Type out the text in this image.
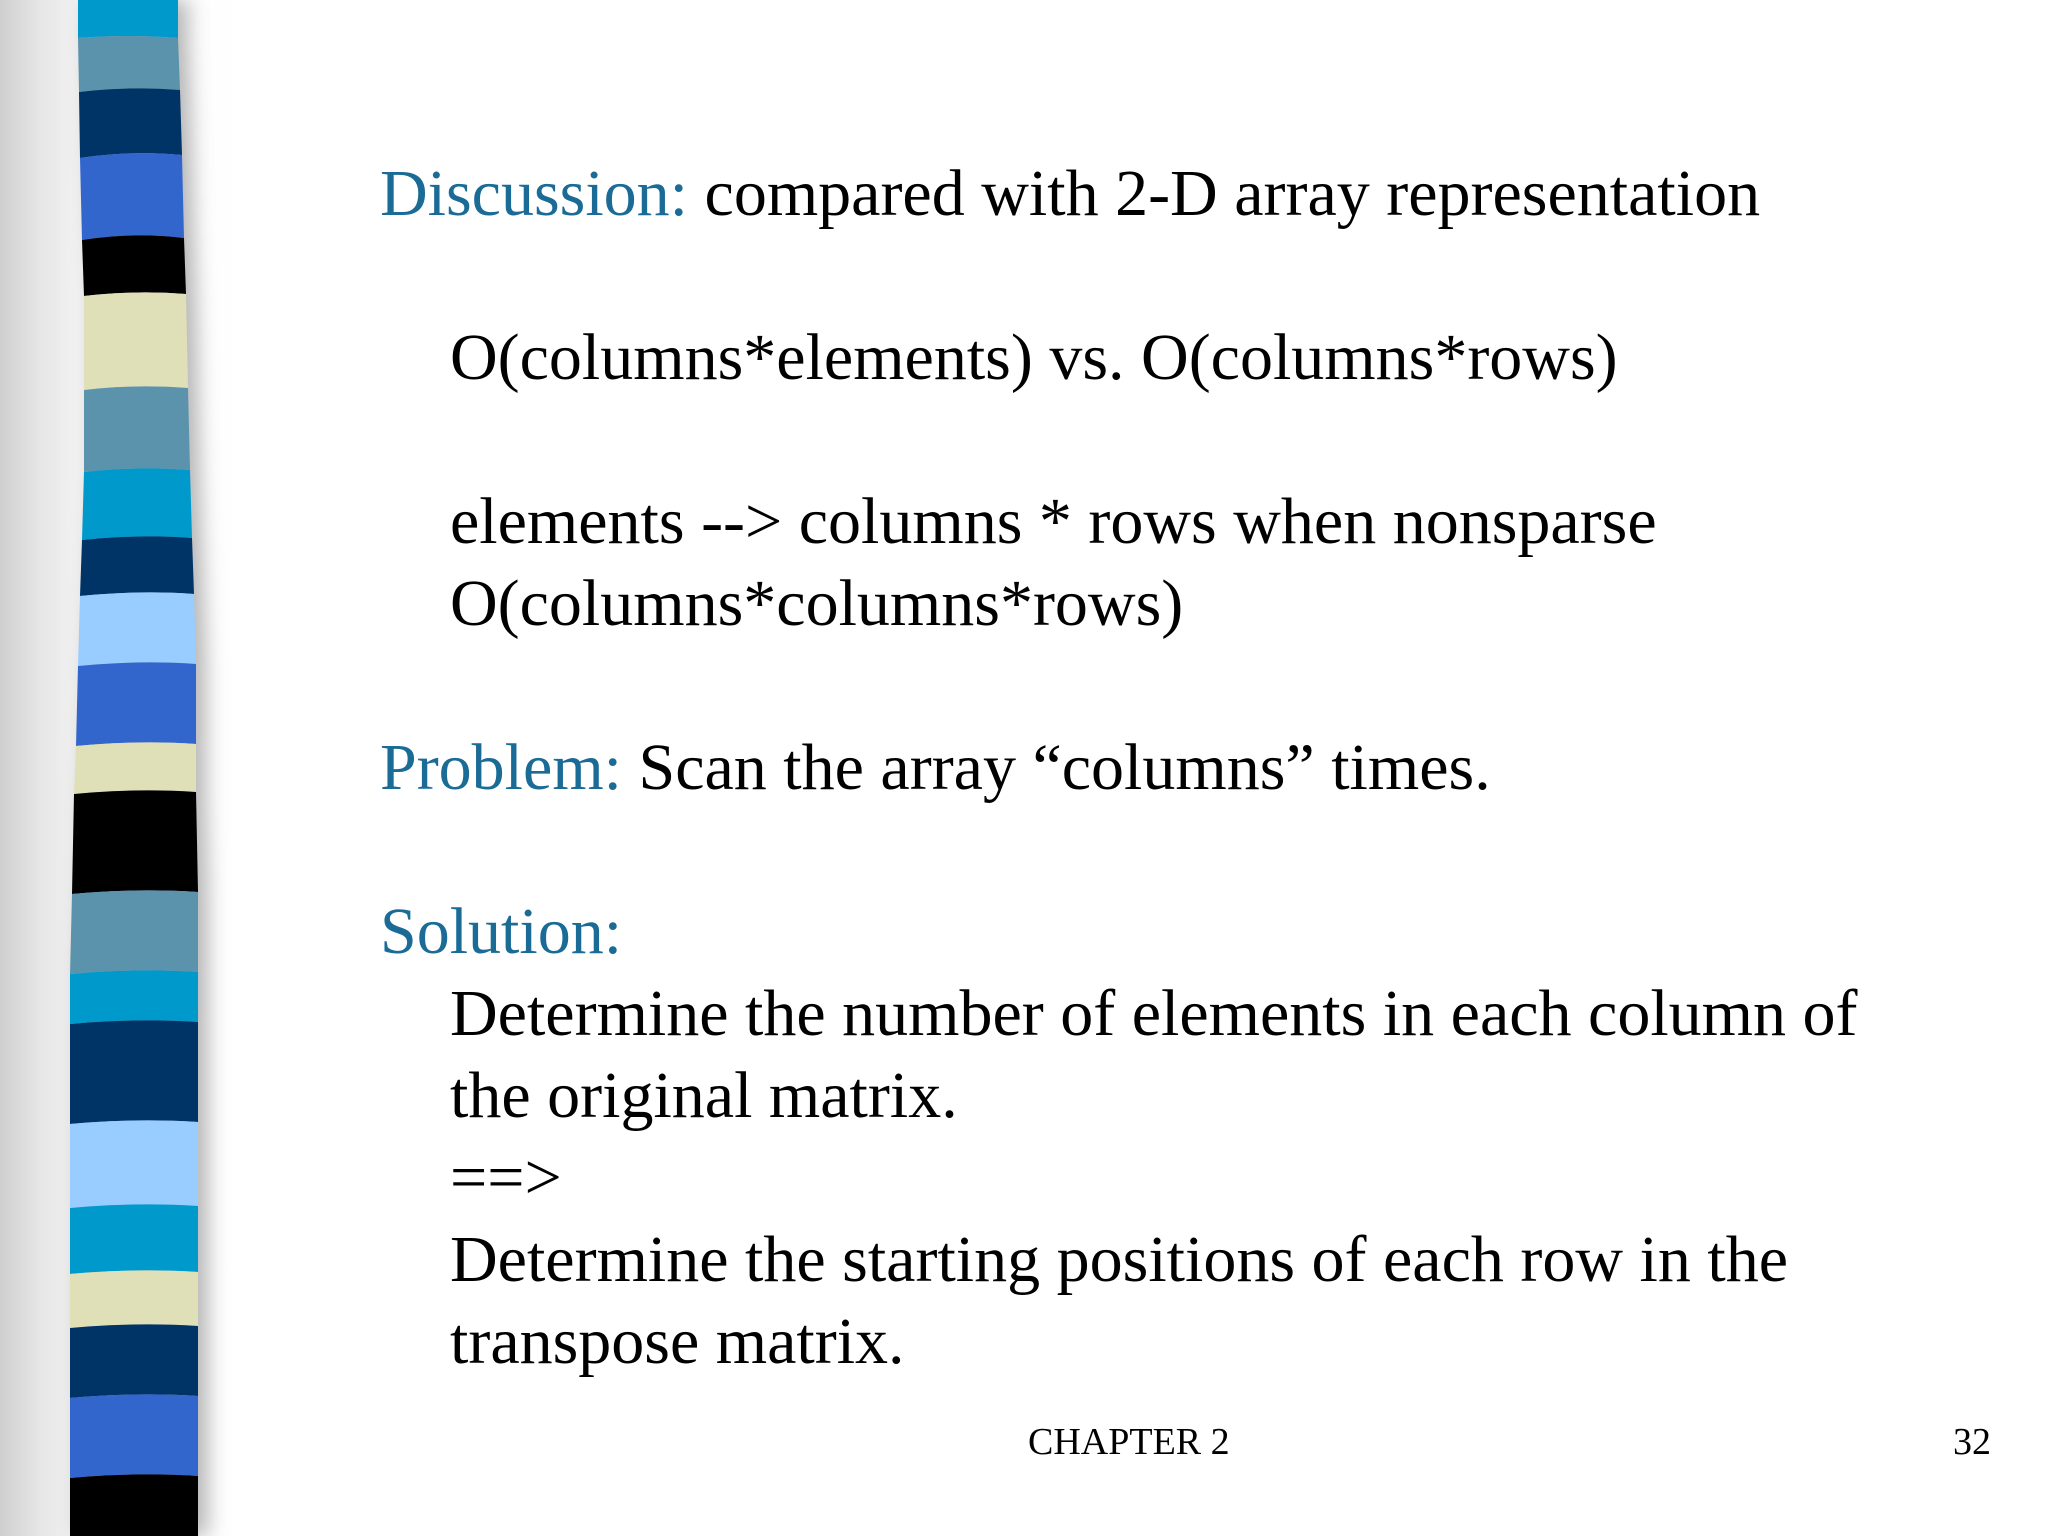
Discussion: compared with 2-D array representation
O(columns*elements) vs. O(columns*rows)
elements --> columns * rows when nonsparse
O(columns*columns*rows)
Problem: Scan the array “columns” times.
Solution:
Determine the number of elements in each column of
the original matrix.
==>
Determine the starting positions of each row in the
transpose matrix.
CHAPTER 2	32
